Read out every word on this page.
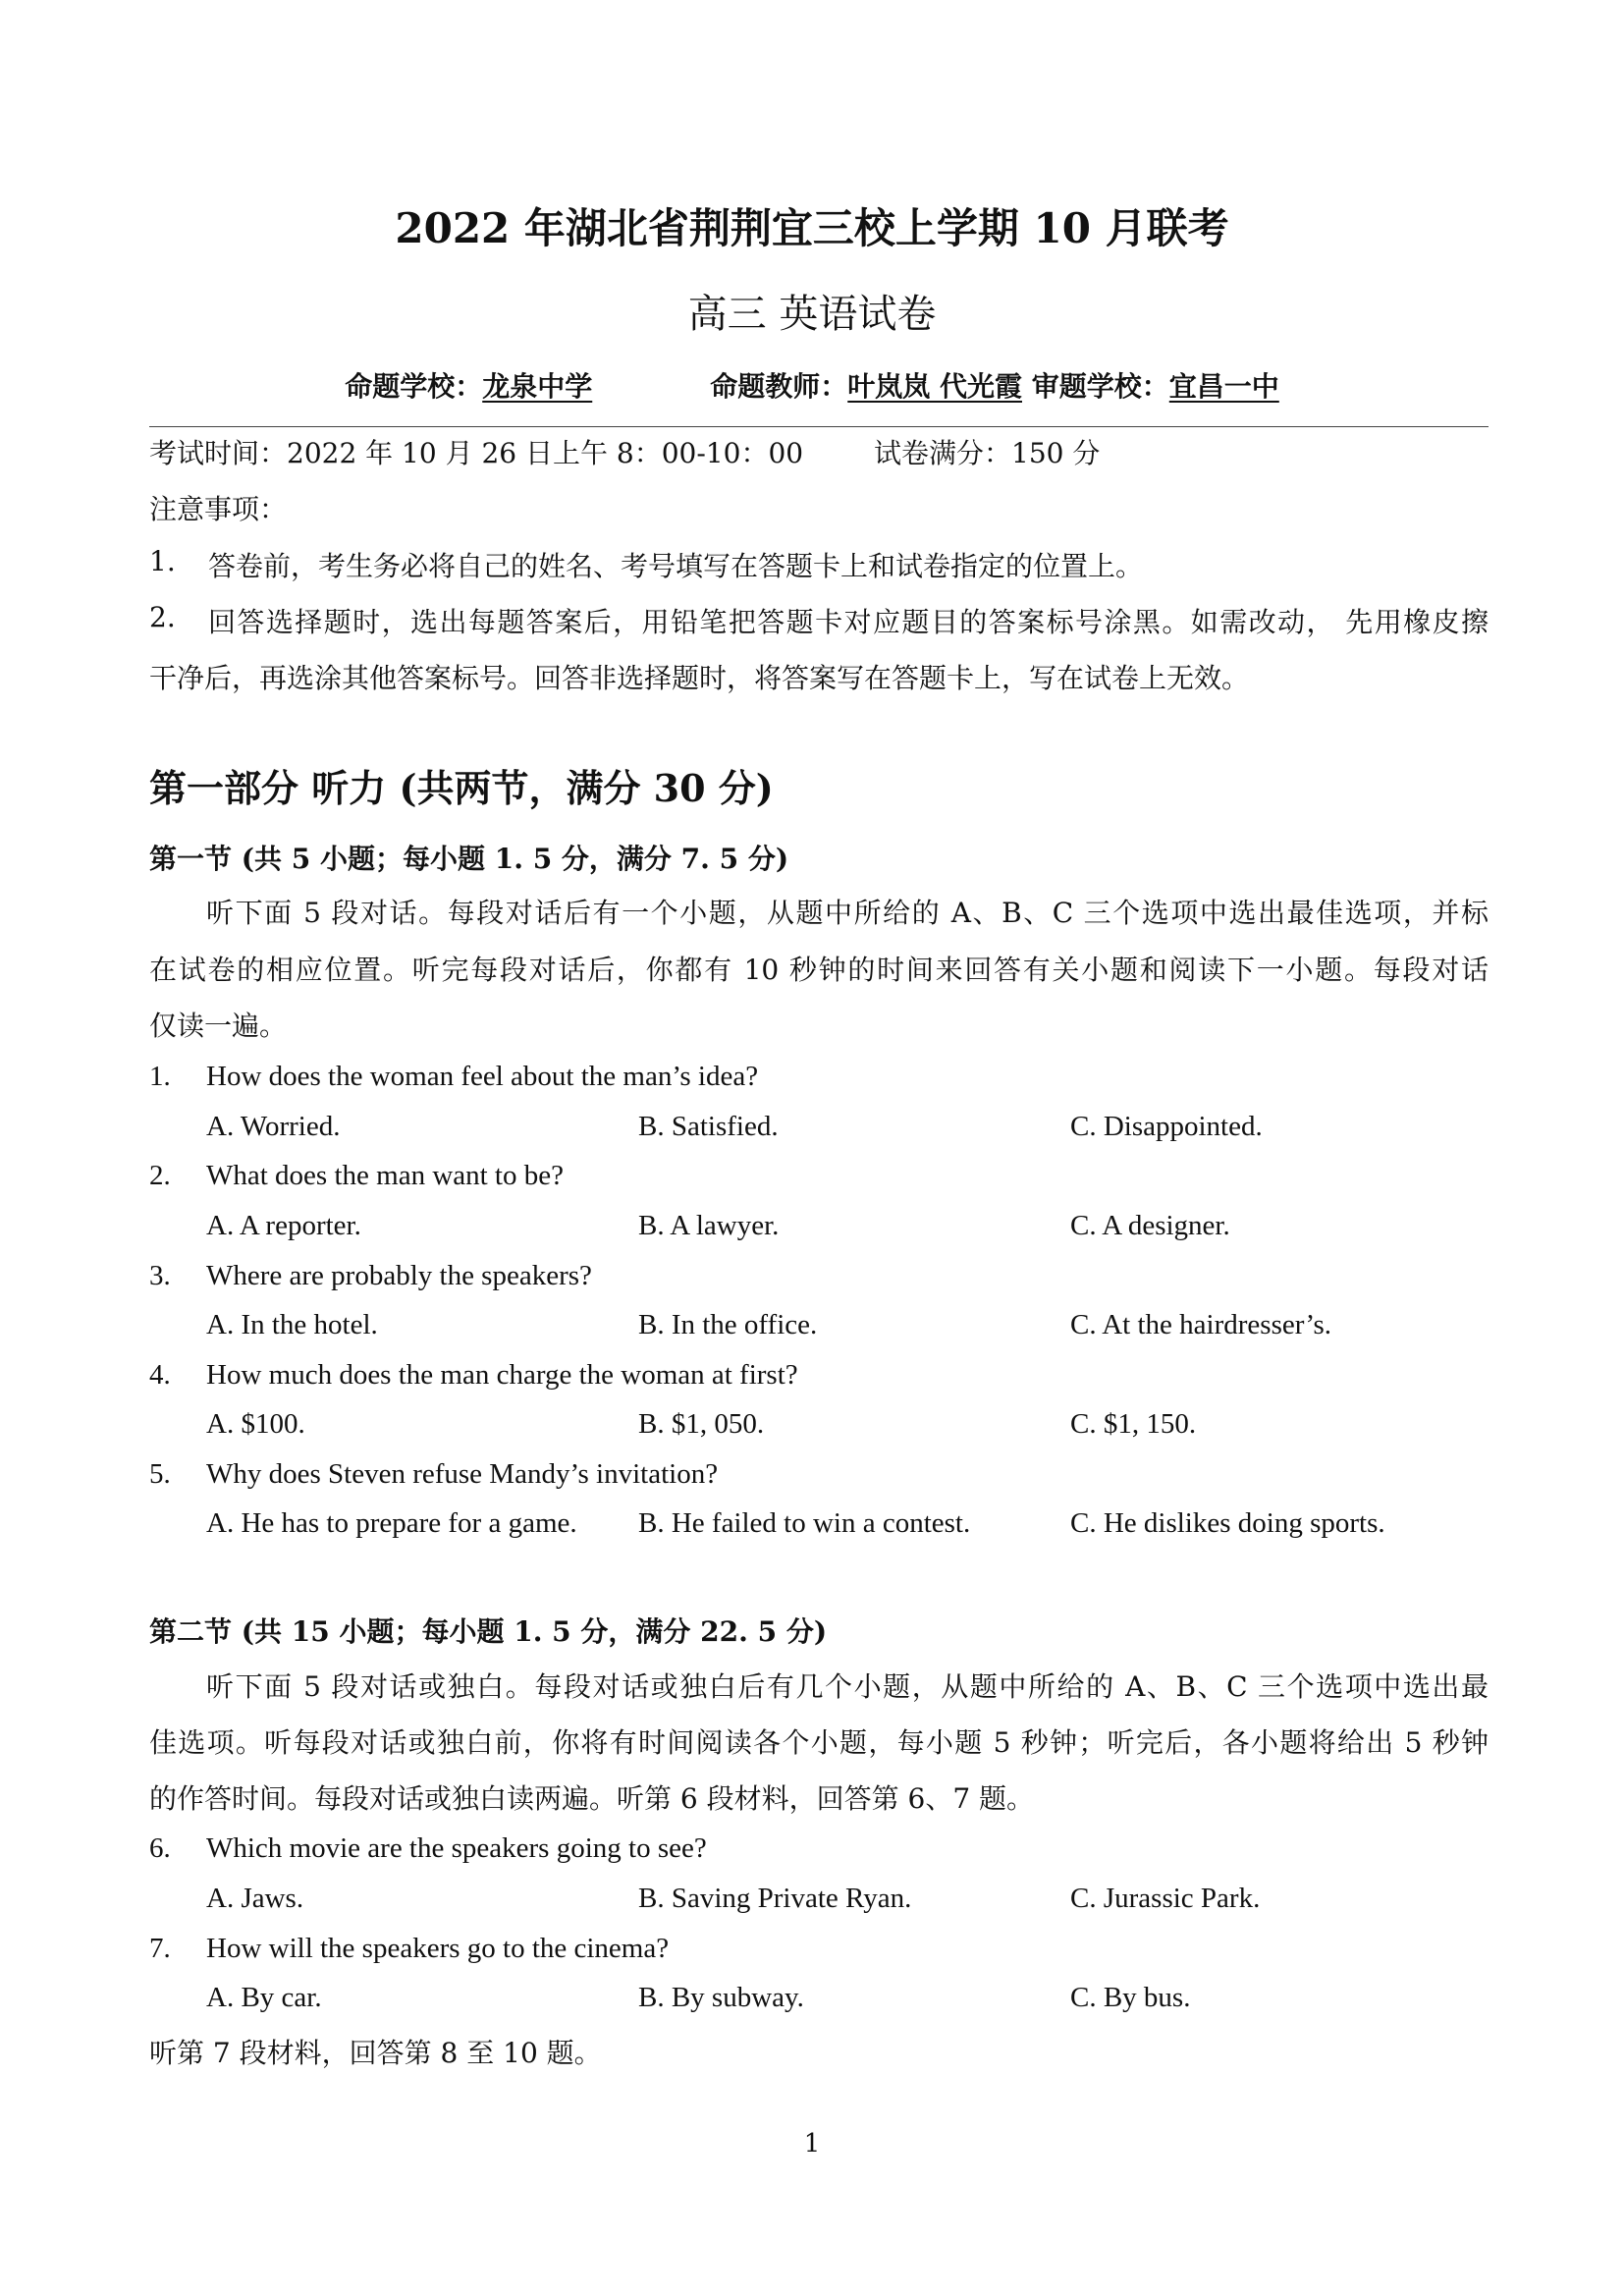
2022 年湖北省荆荆宜三校上学期 10 月联考
高三 英语试卷
命题学校：龙泉中学	命题教师：叶岚岚 代光霞 审题学校：宜昌一中
考试时间：2022 年 10 月 26 日上午 8：00-10：00	试卷满分：150 分
注意事项：
1. 答卷前，考生务必将自己的姓名、考号填写在答题卡上和试卷指定的位置上。
2. 回答选择题时，选出每题答案后，用铅笔把答题卡对应题目的答案标号涂黑。如需改动， 先用橡皮擦
干净后，再选涂其他答案标号。回答非选择题时，将答案写在答题卡上，写在试卷上无效。
第一部分 听力 (共两节，满分 30 分)
第一节 (共 5 小题；每小题 1. 5 分，满分 7. 5 分)
听下面 5 段对话。每段对话后有一个小题，从题中所给的 A、B、C 三个选项中选出最佳选项，并标
在试卷的相应位置。听完每段对话后，你都有 10 秒钟的时间来回答有关小题和阅读下一小题。每段对话
仅读一遍。
1. How does the woman feel about the man’s idea?
A. Worried.	B. Satisfied.	C. Disappointed.
2. What does the man want to be?
A. A reporter.	B. A lawyer.	C. A designer.
3. Where are probably the speakers?
A. In the hotel.	B. In the office.	C. At the hairdresser’s.
4. How much does the man charge the woman at first?
A. $100.	B. $1, 050.	C. $1, 150.
5. Why does Steven refuse Mandy’s invitation?
A. He has to prepare for a game. B. He failed to win a contest.	C. He dislikes doing sports.
第二节 (共 15 小题；每小题 1. 5 分，满分 22. 5 分)
听下面 5 段对话或独白。每段对话或独白后有几个小题，从题中所给的 A、B、C 三个选项中选出最
佳选项。听每段对话或独白前，你将有时间阅读各个小题，每小题 5 秒钟；听完后，各小题将给出 5 秒钟
的作答时间。每段对话或独白读两遍。听第 6 段材料，回答第 6、7 题。
6. Which movie are the speakers going to see?
A. Jaws.	B. Saving Private Ryan.	C. Jurassic Park.
7. How will the speakers go to the cinema?
A. By car.	B. By subway.	C. By bus.
听第 7 段材料，回答第 8 至 10 题。
1
